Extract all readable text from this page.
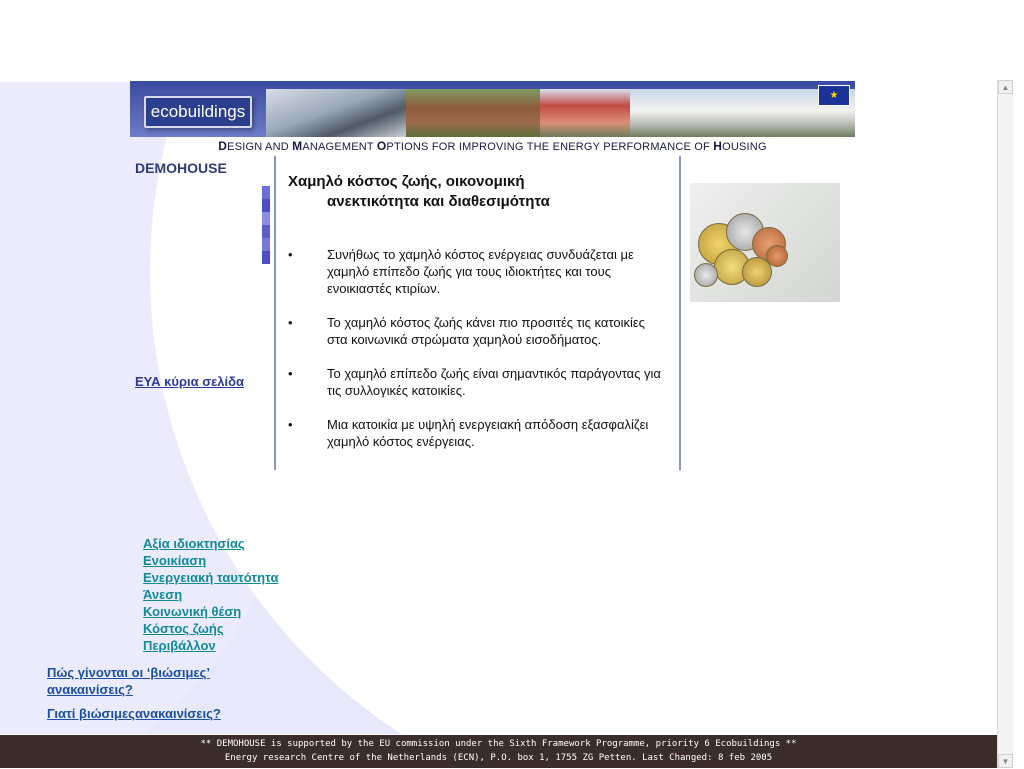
ecobuildings
★
DESIGN AND MANAGEMENT OPTIONS FOR IMPROVING THE ENERGY PERFORMANCE OF HOUSING
DEMOHOUSE
ΕΥΑ κύρια σελίδα
Χαμηλό κόστος ζωής, οικονομική
ανεκτικότητα και διαθεσιμότητα
•	Συνήθως το χαμηλό κόστος ενέργειας συνδυάζεται με χαμηλό επίπεδο ζωής για τους ιδιοκτήτες και τους ενοικιαστές κτιρίων.
•	Το χαμηλό κόστος ζωής κάνει πιο προσιτές τις κατοικίες στα κοινωνικά στρώματα χαμηλού εισοδήματος.
•	Το χαμηλό επίπεδο ζωής είναι σημαντικός παράγοντας για τις συλλογικές κατοικίες.
•	Μια κατοικία με υψηλή ενεργειακή απόδοση εξασφαλίζει χαμηλό κόστος ενέργειας.
Αξία ιδιοκτησίας
Ενοικίαση
Ενεργειακή ταυτότητα
Άνεση
Κοινωνική θέση
Κόστος ζωής
Περιβάλλον
Πώς γίνονται οι ‘βιώσιμες’ ανακαινίσεις?
Γιατί βιώσιμεςανακαινίσεις?
** DEMOHOUSE is supported by the EU commission under the Sixth Framework Programme, priority 6 Ecobuildings **
Energy research Centre of the Netherlands (ECN), P.O. box 1, 1755 ZG Petten. Last Changed: 8 feb 2005
▲
▼
